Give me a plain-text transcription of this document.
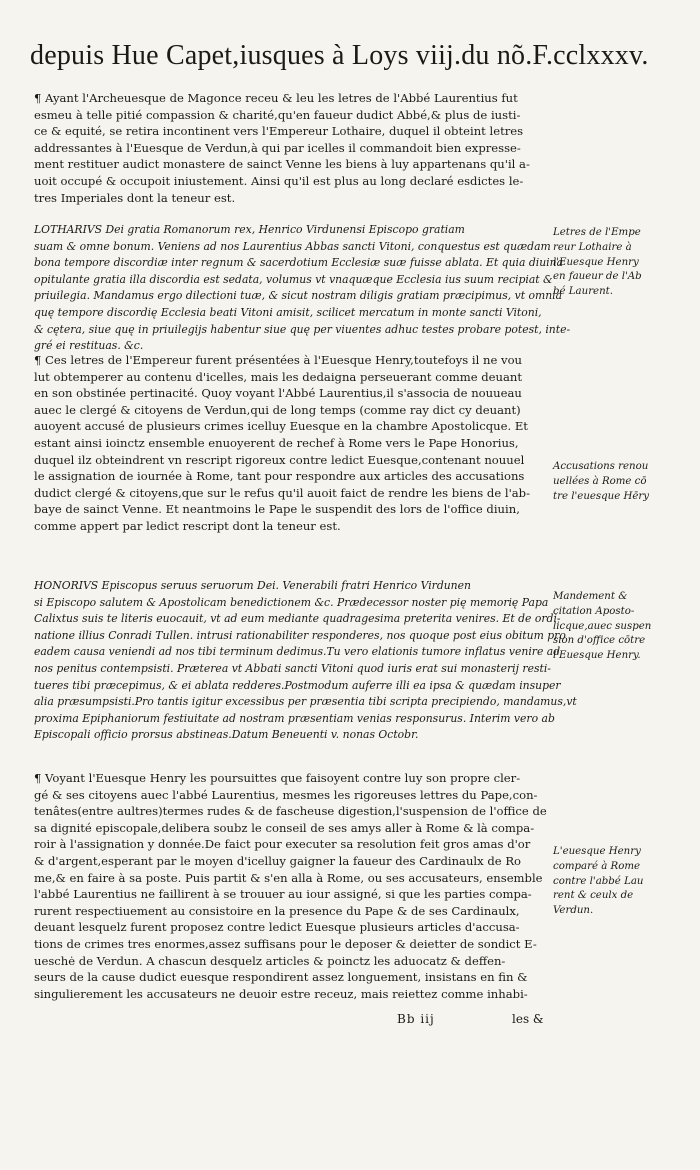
depuis Hue Capet,iusques à Loys viij.du nõ.F.cclxxxv.
¶ Ayant l'Archeuesque de Magonce receu & leu les letres de l'Abbé Laurentius fut
esmeu à telle pitié compassion & charité,qu'en faueur dudict Abbé,& plus de iusti-
ce & equité, se retira incontinent vers l'Empereur Lothaire, duquel il obteint letres
addressantes à l'Euesque de Verdun,à qui par icelles il commandoit bien expresse-
ment restituer audict monastere de sainct Venne les biens à luy appartenans qu'il a-
uoit occupé & occupoit iniustement. Ainsi qu'il est plus au long declaré esdictes le-
tres Imperiales dont la teneur est.
LOTHARIVS Dei gratia Romanorum rex, Henrico Virdunensi Episcopo gratiam
suam & omne bonum. Veniens ad nos Laurentius Abbas sancti Vitoni, conquestus est quædam
bona tempore discordiæ inter regnum & sacerdotium Ecclesiæ suæ fuisse ablata. Et quia diuina
opitulante gratia illa discordia est sedata, volumus vt vnaquæque Ecclesia ius suum recipiat &
priuilegia. Mandamus ergo dilectioni tuæ, & sicut nostram diligis gratiam præcipimus, vt omnia
quę tempore discordię Ecclesia beati Vitoni amisit, scilicet mercatum in monte sancti Vitoni,
& cętera, siue quę in priuilegijs habentur siue quę per viuentes adhuc testes probare potest, inte-
gré ei restituas. &c.
¶ Ces letres de l'Empereur furent présentées à l'Euesque Henry,toutefoys il ne vou
lut obtemperer au contenu d'icelles, mais les dedaigna perseuerant comme deuant
en son obstinée pertinacité. Quoy voyant l'Abbé Laurentius,il s'associa de nouueau
auec le clergé & citoyens de Verdun,qui de long temps (comme ray dict cy deuant)
auoyent accusé de plusieurs crimes icelluy Euesque en la chambre Apostolicque. Et
estant ainsi ioinctz ensemble enuoyerent de rechef à Rome vers le Pape Honorius,
duquel ilz obteindrent vn rescript rigoreux contre ledict Euesque,contenant nouuel
le assignation de iournée à Rome, tant pour respondre aux articles des accusations
dudict clergé & citoyens,que sur le refus qu'il auoit faict de rendre les biens de l'ab-
baye de sainct Venne. Et neantmoins le Pape le suspendit des lors de l'office diuin,
comme appert par ledict rescript dont la teneur est.
HONORIVS Episcopus seruus seruorum Dei. Venerabili fratri Henrico Virdunen
si Episcopo salutem & Apostolicam benedictionem &c. Prædecessor noster pię memorię Papa
Calixtus suis te literis euocauit, vt ad eum mediante quadragesima preterita venires. Et de ordi-
natione illius Conradi Tullen. intrusi rationabiliter responderes, nos quoque post eius obitum pro
eadem causa veniendi ad nos tibi terminum dedimus.Tu vero elationis tumore inflatus venire ad
nos penitus contempsisti. Præterea vt Abbati sancti Vitoni quod iuris erat sui monasterij resti-
tueres tibi præcepimus, & ei ablata redderes.Postmodum auferre illi ea ipsa & quædam insuper
alia præsumpsisti.Pro tantis igitur excessibus per præsentia tibi scripta precipiendo, mandamus,vt
proxima Epiphaniorum festiuitate ad nostram præsentiam venias responsurus. Interim vero ab
Episcopali officio prorsus abstineas.Datum Beneuenti v. nonas Octobr.
¶ Voyant l'Euesque Henry les poursuittes que faisoyent contre luy son propre cler-
gé & ses citoyens auec l'abbé Laurentius, mesmes les rigoreuses lettres du Pape,con-
tenâtes(entre aultres)termes rudes & de fascheuse digestion,l'suspension de l'office de
sa dignité episcopale,delibera soubz le conseil de ses amys aller à Rome & là compa-
roir à l'assignation y donnée.De faict pour executer sa resolution feit gros amas d'or
& d'argent,esperant par le moyen d'icelluy gaigner la faueur des Cardinaulx de Ro
me,& en faire à sa poste. Puis partit & s'en alla à Rome, ou ses accusateurs, ensemble
l'abbé Laurentius ne faillirent à se trouuer au iour assigné, si que les parties compa-
rurent respectiuement au consistoire en la presence du Pape & de ses Cardinaulx,
deuant lesquelz furent proposez contre ledict Euesque plusieurs articles d'accusa-
tions de crimes tres enormes,assez suffisans pour le deposer & deietter de sondict E-
ueschė de Verdun. A chascun desquelz articles & poinctz les aduocatz & deffen-
seurs de la cause dudict euesque respondirent assez longuement, insistans en fin &
singulierement les accusateurs ne deuoir estre receuz, mais reiettez comme inhabi-
Letres de l'Empe
reur Lothaire à
l'Euesque Henry
en faueur de l'Ab
bé Laurent.
Accusations renou
uellées à Rome cō
tre l'euesque Hēry
Mandement &
citation Aposto-
licque,auec suspen
sion d'office cōtre
l'Euesque Henry.
L'euesque Henry
comparé à Rome
contre l'abbé Lau
rent & ceulx de
Verdun.
Bb iij	les &
